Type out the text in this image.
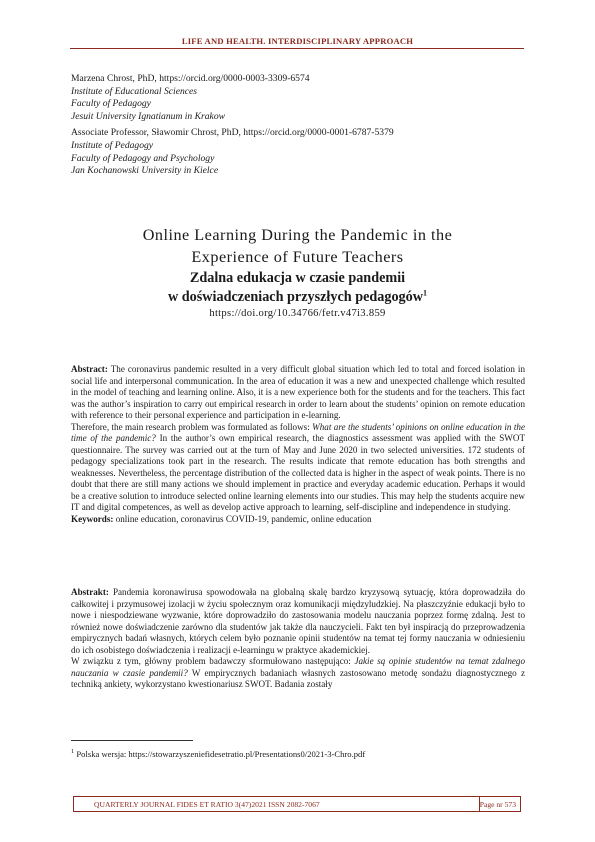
LIFE AND HEALTH. INTERDISCIPLINARY APPROACH
Marzena Chrost, PhD, https://orcid.org/0000-0003-3309-6574
Institute of Educational Sciences
Faculty of Pedagogy
Jesuit University Ignatianum in Krakow
Associate Professor, Sławomir Chrost, PhD, https://orcid.org/0000-0001-6787-5379
Institute of Pedagogy
Faculty of Pedagogy and Psychology
Jan Kochanowski University in Kielce
Online Learning During the Pandemic in the
Experience of Future Teachers
Zdalna edukacja w czasie pandemii
w doświadczeniach przyszłych pedagogów$^1$
https://doi.org/10.34766/fetr.v47i3.859

Abstract: The coronavirus pandemic resulted in a very difficult global situation which led to total and forced isolation in social life and interpersonal communication. In the area of education it was a new and unexpected challenge which resulted in the model of teaching and learning online. Also, it is a new experience both for the students and for the teachers. This fact was the author’s inspiration to carry out empirical research in order to learn about the students’ opinion on remote education with reference to their personal experience and participation in e-learning.

Therefore, the main research problem was formulated as follows: What are the students’ opinions on online education in the time of the pandemic? In the author’s own empirical research, the diagnostics assessment was applied with the SWOT questionnaire. The survey was carried out at the turn of May and June 2020 in two selected universities. 172 students of pedagogy specializations took part in the research. The results indicate that remote education has both strengths and weaknesses. Nevertheless, the percentage distribution of the collected data is higher in the aspect of weak points. There is no doubt that there are still many actions we should implement in practice and everyday academic education. Perhaps it would be a creative solution to introduce selected online learning elements into our studies. This may help the students acquire new IT and digital competences, as well as develop active approach to learning, self-discipline and independence in studying.

Keywords: online education, coronavirus COVID-19, pandemic, online education

Abstrakt: Pandemia koronawirusa spowodowała na globalną skalę bardzo kryzysową sytuację, która doprowadziła do całkowitej i przymusowej izolacji w życiu społecznym oraz komunikacji międzyludzkiej. Na płaszczyźnie edukacji było to nowe i niespodziewane wyzwanie, które doprowadziło do zastosowania modelu nauczania poprzez formę zdalną. Jest to również nowe doświadczenie zarówno dla studentów jak także dla nauczycieli. Fakt ten był inspiracją do przeprowadzenia empirycznych badań własnych, których celem było poznanie opinii studentów na temat tej formy nauczania w odniesieniu do ich osobistego doświadczenia i realizacji e-learningu w praktyce akademickiej.

W związku z tym, główny problem badawczy sformułowano następująco: Jakie są opinie studentów na temat zdalnego nauczania w czasie pandemii? W empirycznych badaniach własnych zastosowano metodę sondażu diagnostycznego z techniką ankiety, wykorzystano kwestionariusz SWOT. Badania zostały

$^1$ Polska wersja: https://stowarzyszeniefidesetratio.pl/Presentations0/2021-3-Chro.pdf
QUARTERLY JOURNAL FIDES ET RATIO 3(47)2021 ISSN 2082-7067	Page nr 573
